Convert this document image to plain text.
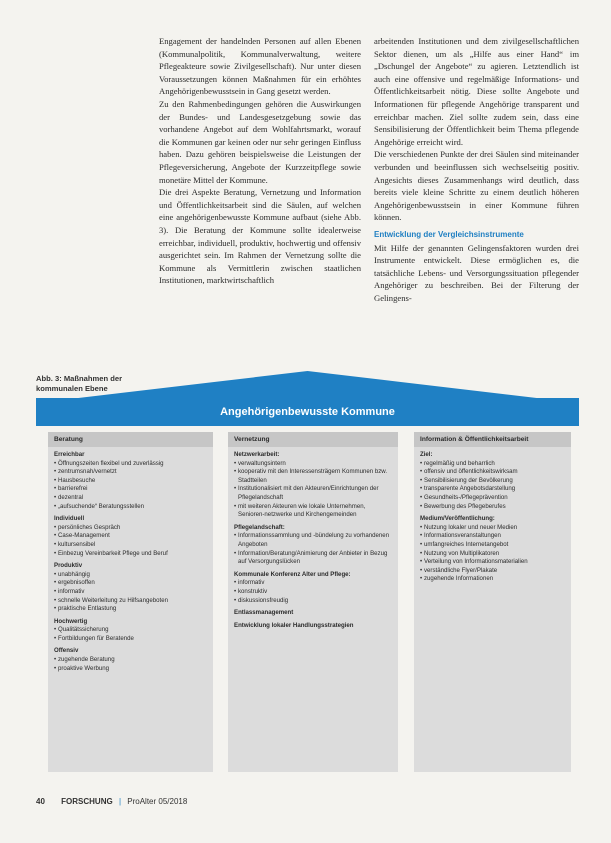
Engagement der handelnden Personen auf allen Ebenen (Kommunalpolitik, Kommunalverwaltung, weitere Pflegeakteure sowie Zivilgesellschaft). Nur unter diesen Voraussetzungen können Maßnahmen für ein erhöhtes Angehörigenbewusstsein in Gang gesetzt werden.

Zu den Rahmenbedingungen gehören die Auswirkungen der Bundes- und Landesgesetzgebung sowie das vorhandene Angebot auf dem Wohlfahrtsmarkt, worauf die Kommunen gar keinen oder nur sehr geringen Einfluss haben. Dazu gehören beispielsweise die Leistungen der Pflegeversicherung, Angebote der Kurzzeitpflege sowie monetäre Mittel der Kommune.

Die drei Aspekte Beratung, Vernetzung und Information und Öffentlichkeitsarbeit sind die Säulen, auf welchen eine angehörigenbewusste Kommune aufbaut (siehe Abb. 3). Die Beratung der Kommune sollte idealerweise erreichbar, individuell, produktiv, hochwertig und offensiv ausgerichtet sein. Im Rahmen der Vernetzung sollte die Kommune als Vermittlerin zwischen staatlichen Institutionen, marktwirtschaftlich

arbeitenden Institutionen und dem zivilgesellschaftlichen Sektor dienen, um als „Hilfe aus einer Hand“ im „Dschungel der Angebote“ zu agieren. Letztendlich ist auch eine offensive und regelmäßige Informations- und Öffentlichkeitsarbeit nötig. Diese sollte Angebote und Informationen für pflegende Angehörige transparent und erreichbar machen. Ziel sollte zudem sein, dass eine Sensibilisierung der Öffentlichkeit beim Thema pflegende Angehörige erreicht wird.

Die verschiedenen Punkte der drei Säulen sind miteinander verbunden und beeinflussen sich wechselseitig positiv. Angesichts dieses Zusammenhangs wird deutlich, dass bereits viele kleine Schritte zu einem deutlich höheren Angehörigenbewusstsein in einer Kommune führen können.

Entwicklung der Vergleichsinstrumente

Mit Hilfe der genannten Gelingensfaktoren wurden drei Instrumente entwickelt. Diese ermöglichen es, die tatsächliche Lebens- und Versorgungssituation pflegender Angehöriger zu beschreiben. Bei der Filterung der Gelingens-

Abb. 3: Maßnahmen der kommunalen Ebene
Angehörigenbewusste Kommune
Beratung
Erreichbar
• Öffnungszeiten flexibel und zuverlässig
• zentrumsnah/vernetzt
• Hausbesuche
• barrierefrei
• dezentral
• „aufsuchende“ Beratungsstellen
Individuell
• persönliches Gespräch
• Case-Management
• kultursensibel
• Einbezug Vereinbarkeit Pflege und Beruf
Produktiv
• unabhängig
• ergebnisoffen
• informativ
• schnelle Weiterleitung zu Hilfsangeboten
• praktische Entlastung
Hochwertig
• Qualitätssicherung
• Fortbildungen für Beratende
Offensiv
• zugehende Beratung
• proaktive Werbung
Vernetzung
Netzwerkarbeit:
• verwaltungsintern
• kooperativ mit den Interessensträgern Kommunen bzw. Stadtteilen
• Institutionalisiert mit den Akteuren/Einrichtungen der Pflegelandschaft
• mit weiteren Akteuren wie lokale Unternehmen, Senioren-netzwerke und Kirchengemeinden
Pflegelandschaft:
• Informationssammlung und -bündelung zu vorhandenen Angeboten
• Information/Beratung/Animierung der Anbieter in Bezug auf Versorgungslücken
Kommunale Konferenz Alter und Pflege:
• informativ
• konstruktiv
• diskussionsfreudig
Entlassmanagement
Entwicklung lokaler Handlungsstrategien
Information & Öffentlichkeitsarbeit
Ziel:
• regelmäßig und beharrlich
• offensiv und öffentlichkeitswirksam
• Sensibilisierung der Bevölkerung
• transparente Angebotsdarstellung
• Gesundheits-/Pflegeprävention
• Bewerbung des Pflegeberufes
Medium/Veröffentlichung:
• Nutzung lokaler und neuer Medien
• Informationsveranstaltungen
• umfangreiches Internetangebot
• Nutzung von Multiplikatoren
• Verteilung von Informationsmaterialien
• verständliche Flyer/Plakate
• zugehende Informationen
40 FORSCHUNG | ProAlter 05/2018
